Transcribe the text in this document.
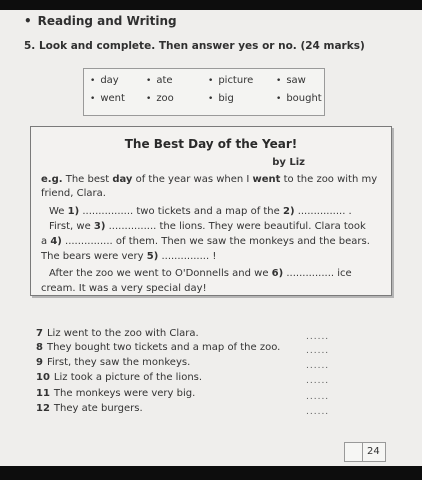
• Reading and Writing
5. Look and complete. Then answer yes or no. (24 marks)
• day	• ate	• picture	• saw
• went	• zoo	• big	• bought
The Best Day of the Year!
by Liz
e.g. The best day of the year was when I went to the zoo with my
friend, Clara.
We 1) ................ two tickets and a map of the 2) ............... .
First, we 3) ............... the lions. They were beautiful. Clara took
a 4) ............... of them. Then we saw the monkeys and the bears.
The bears were very 5) ............... !
After the zoo we went to O'Donnells and we 6) ............... ice
cream. It was a very special day!
7 Liz went to the zoo with Clara.	......
8 They bought two tickets and a map of the zoo.	......
9 First, they saw the monkeys.	......
10 Liz took a picture of the lions.	......
11 The monkeys were very big.	......
12 They ate burgers.	......
24
